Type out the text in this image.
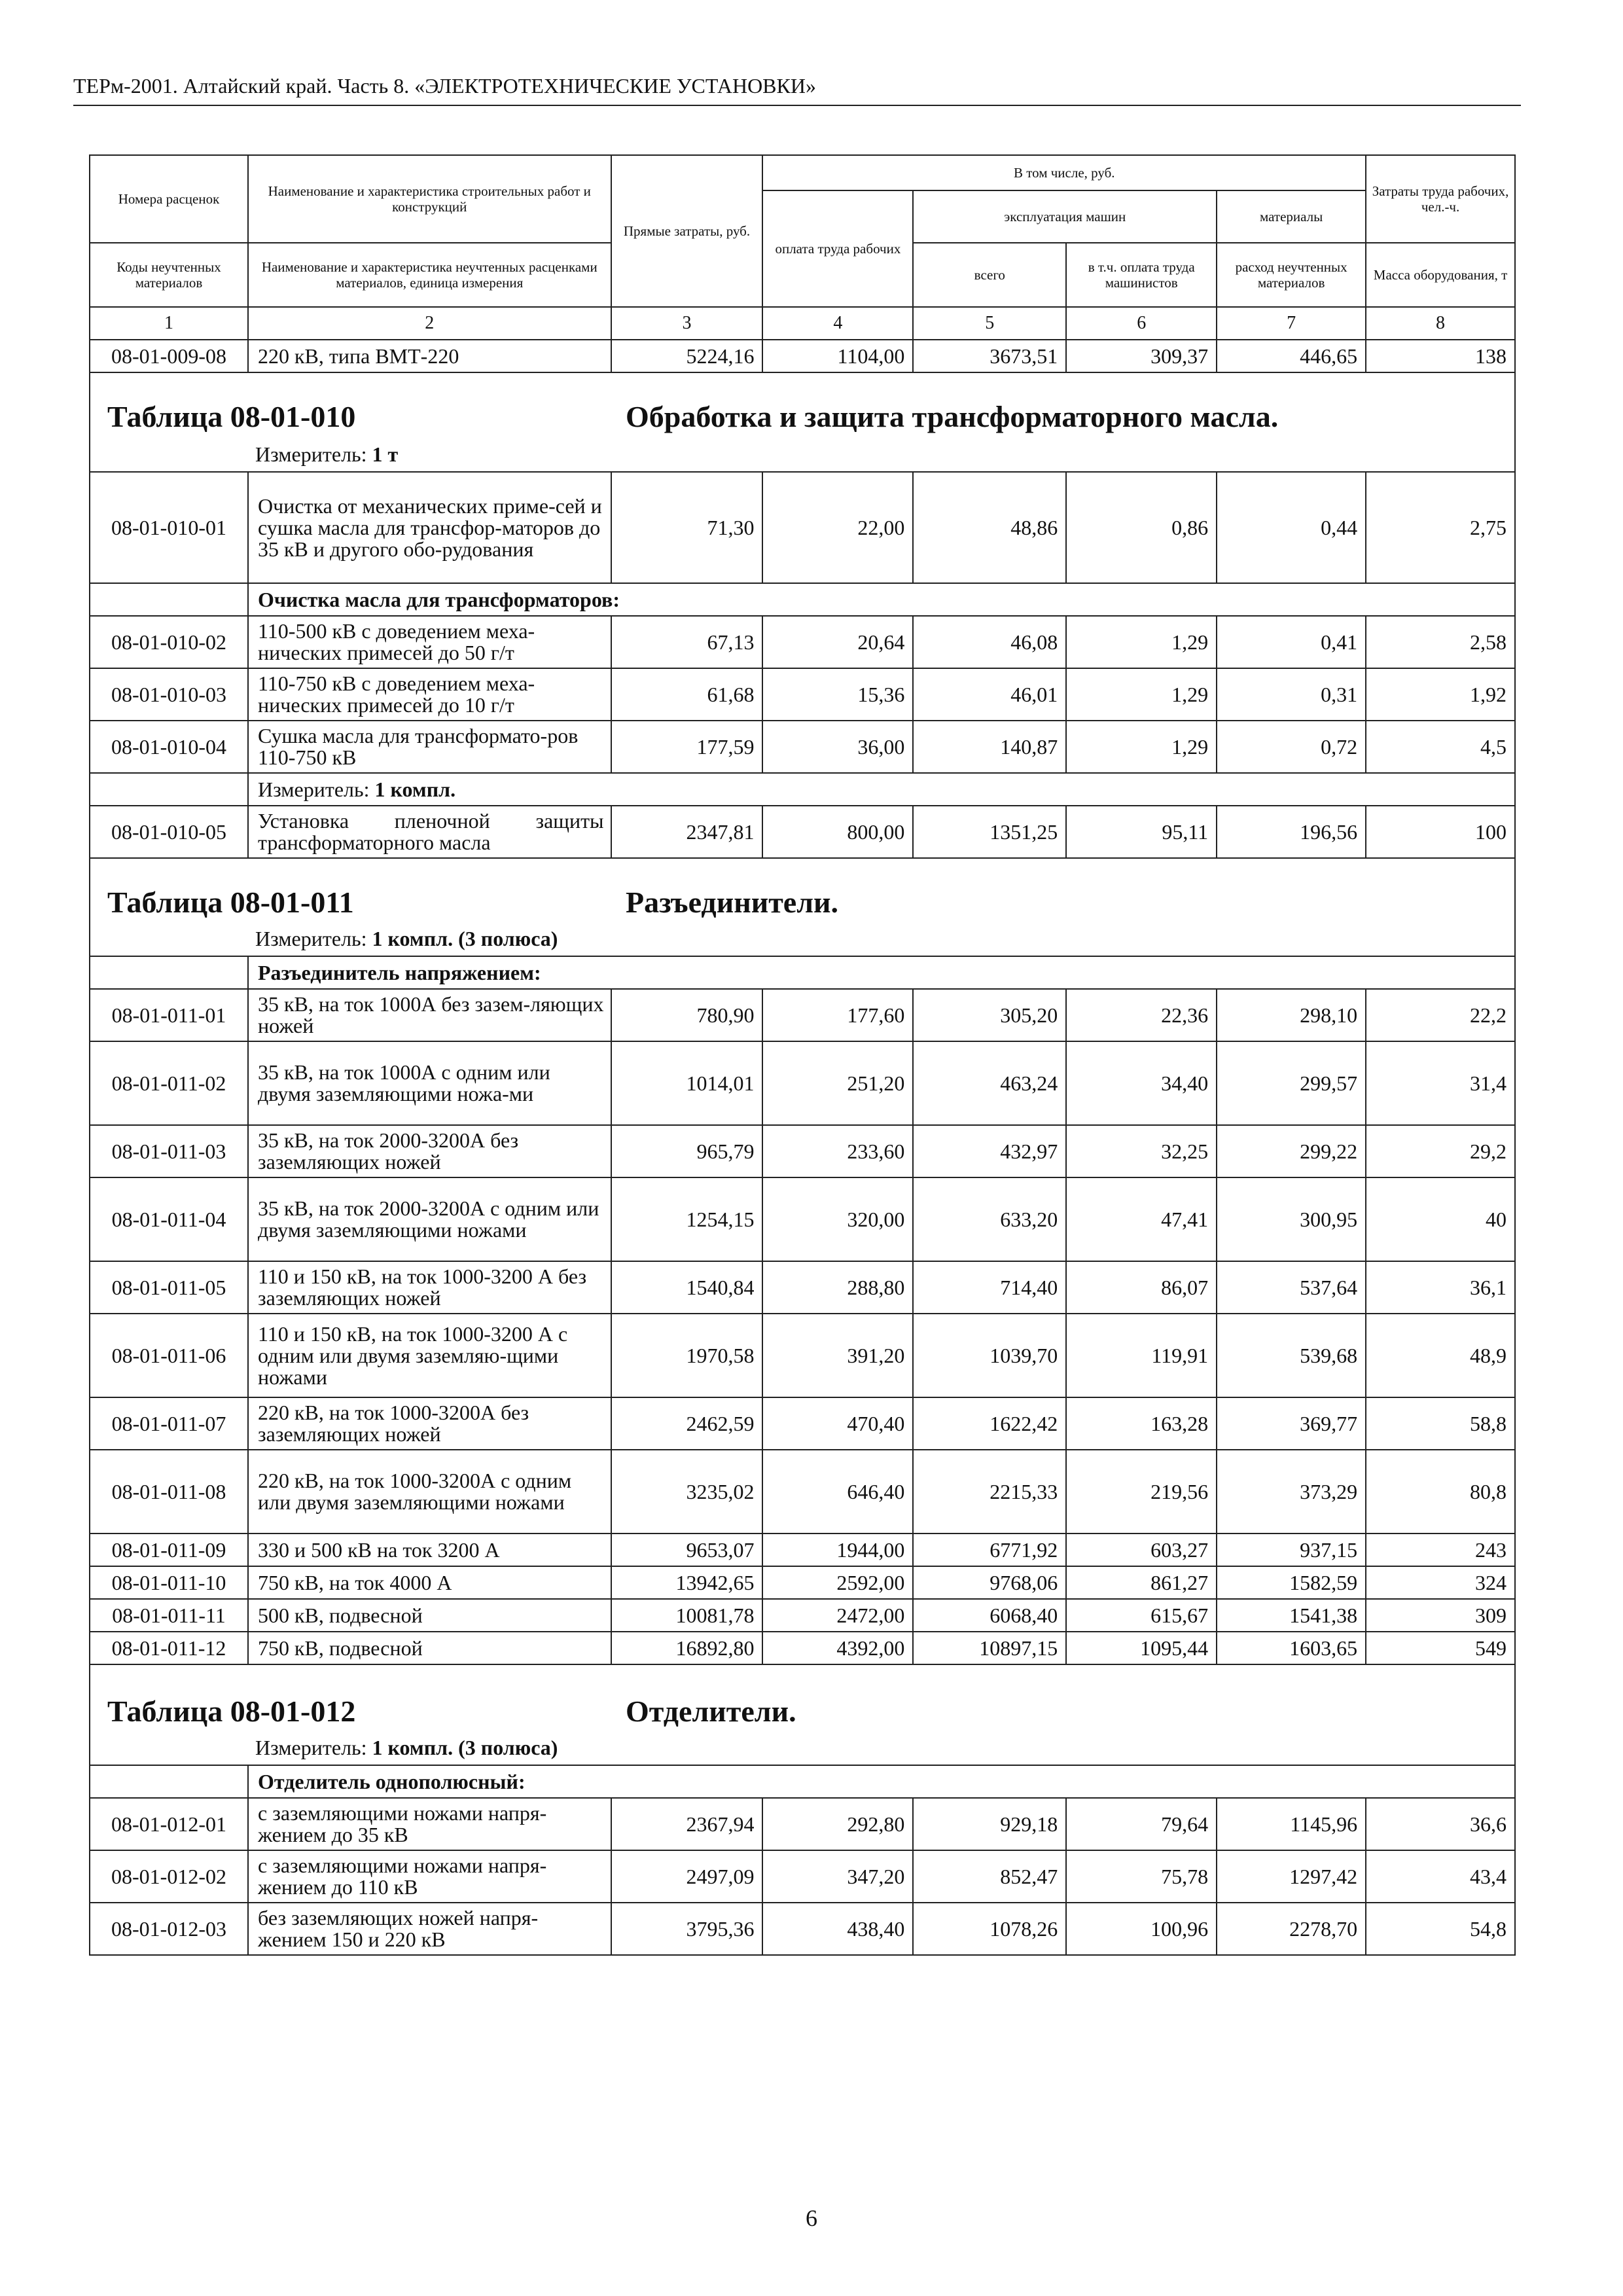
ТЕРм-2001. Алтайский край. Часть 8. «ЭЛЕКТРОТЕХНИЧЕСКИЕ УСТАНОВКИ»
Номера расценок	Наименование и характеристика строительных работ и конструкций	Прямые затраты, руб.	В том числе, руб.				Затраты труда рабочих, чел.-ч.
			оплата труда рабочих	эксплуатация машин		материалы	
Коды неучтенных материалов	Наименование и характеристика неучтенных расценками материалов, единица измерения			всего	в т.ч. оплата труда машинистов	расход неучтенных материалов	Масса оборудования, т
1	2	3	4	5	6	7	8
08-01-009-08	220 кВ, типа ВМТ-220	5224,16	1104,00	3673,51	309,37	446,65	138

Таблица 08-01-010 Обработка и защита трансформаторного масла.
Измеритель: 1 т							

08-01-010-01	Очистка от механических приме-сей и сушка масла для трансфор-маторов до 35 кВ и другого обо-рудования	71,30	22,00	48,86	0,86	0,44	2,75
	Очистка масла для трансформаторов:						
08-01-010-02	110-500 кВ с доведением меха-нических примесей до 50 г/т	67,13	20,64	46,08	1,29	0,41	2,58
08-01-010-03	110-750 кВ с доведением меха-нических примесей до 10 г/т	61,68	15,36	46,01	1,29	0,31	1,92
08-01-010-04	Сушка масла для трансформато-ров 110-750 кВ	177,59	36,00	140,87	1,29	0,72	4,5
	Измеритель: 1 компл.						
08-01-010-05	Установка пленочной защиты трансформаторного масла	2347,81	800,00	1351,25	95,11	196,56	100

Таблица 08-01-011 Разъединители.
Измеритель: 1 компл. (3 полюса)							

	Разъединитель напряжением:						
08-01-011-01	35 кВ, на ток 1000А без зазем-ляющих ножей	780,90	177,60	305,20	22,36	298,10	22,2
08-01-011-02	35 кВ, на ток 1000А с одним или двумя заземляющими ножа-ми	1014,01	251,20	463,24	34,40	299,57	31,4
08-01-011-03	35 кВ, на ток 2000-3200А без заземляющих ножей	965,79	233,60	432,97	32,25	299,22	29,2
08-01-011-04	35 кВ, на ток 2000-3200А с одним или двумя заземляющими ножами	1254,15	320,00	633,20	47,41	300,95	40
08-01-011-05	110 и 150 кВ, на ток 1000-3200 А без заземляющих ножей	1540,84	288,80	714,40	86,07	537,64	36,1
08-01-011-06	110 и 150 кВ, на ток 1000-3200 А с одним или двумя заземляю-щими ножами	1970,58	391,20	1039,70	119,91	539,68	48,9
08-01-011-07	220 кВ, на ток 1000-3200А без заземляющих ножей	2462,59	470,40	1622,42	163,28	369,77	58,8
08-01-011-08	220 кВ, на ток 1000-3200А с одним или двумя заземляющими ножами	3235,02	646,40	2215,33	219,56	373,29	80,8
08-01-011-09	330 и 500 кВ на ток 3200 А	9653,07	1944,00	6771,92	603,27	937,15	243
08-01-011-10	750 кВ, на ток 4000 А	13942,65	2592,00	9768,06	861,27	1582,59	324
08-01-011-11	500 кВ, подвесной	10081,78	2472,00	6068,40	615,67	1541,38	309
08-01-011-12	750 кВ, подвесной	16892,80	4392,00	10897,15	1095,44	1603,65	549

Таблица 08-01-012 Отделители.
Измеритель: 1 компл. (3 полюса)							

	Отделитель однополюсный:						
08-01-012-01	с заземляющими ножами напря-жением до 35 кВ	2367,94	292,80	929,18	79,64	1145,96	36,6
08-01-012-02	с заземляющими ножами напря-жением до 110 кВ	2497,09	347,20	852,47	75,78	1297,42	43,4
08-01-012-03	без заземляющих ножей напря-жением 150 и 220 кВ	3795,36	438,40	1078,26	100,96	2278,70	54,8
6
